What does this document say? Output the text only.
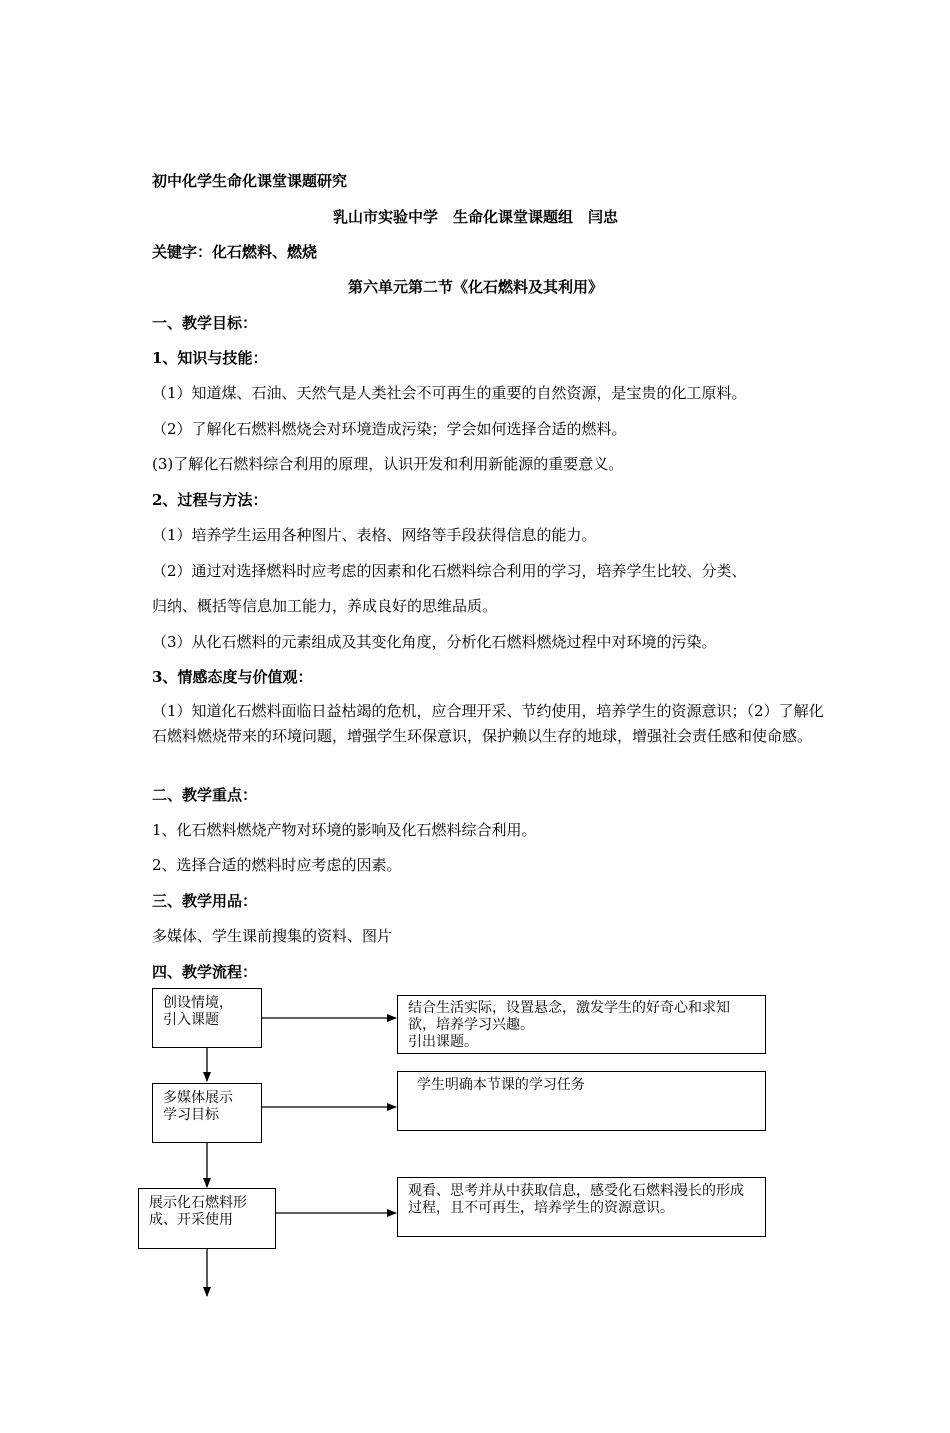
初中化学生命化课堂课题研究
乳山市实验中学　生命化课堂课题组　闫忠
关键字：化石燃料、燃烧
第六单元第二节《化石燃料及其利用》
一、教学目标：
1、知识与技能：
（1）知道煤、石油、天然气是人类社会不可再生的重要的自然资源，是宝贵的化工原料。
（2）了解化石燃料燃烧会对环境造成污染；学会如何选择合适的燃料。
(3)了解化石燃料综合利用的原理，认识开发和利用新能源的重要意义。
2、过程与方法：
（1）培养学生运用各种图片、表格、网络等手段获得信息的能力。
（2）通过对选择燃料时应考虑的因素和化石燃料综合利用的学习，培养学生比较、分类、
归纳、概括等信息加工能力，养成良好的思维品质。
（3）从化石燃料的元素组成及其变化角度，分析化石燃料燃烧过程中对环境的污染。
3、情感态度与价值观：
（1）知道化石燃料面临日益枯竭的危机，应合理开采、节约使用，培养学生的资源意识；（2）了解化石燃料燃烧带来的环境问题，增强学生环保意识，保护赖以生存的地球，增强社会责任感和使命感。
二、教学重点：
1、化石燃料燃烧产物对环境的影响及化石燃料综合利用。
2、选择合适的燃料时应考虑的因素。
三、教学用品：
多媒体、学生课前搜集的资料、图片
四、教学流程：
创设情境，
引入课题
结合生活实际，设置悬念，激发学生的好奇心和求知欲，培养学习兴趣。
引出课题。
多媒体展示
学习目标
学生明确本节课的学习任务
展示化石燃料形
成、开采使用
观看、思考并从中获取信息，感受化石燃料漫长的形成过程，且不可再生，培养学生的资源意识。
